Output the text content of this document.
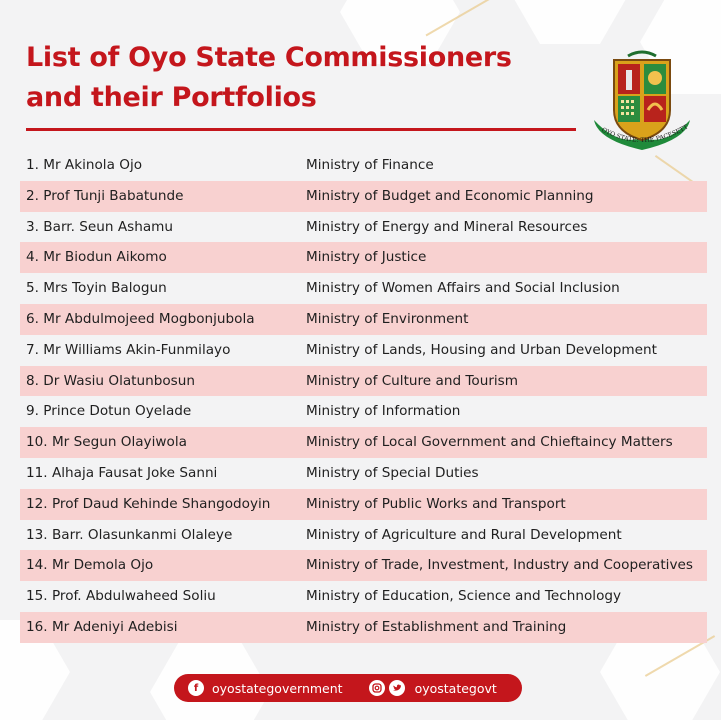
List of Oyo State Commissioners
and their Portfolios
OYO STATE: THE PACESETT
1. Mr Akinola Ojo	Ministry of Finance
2. Prof Tunji Babatunde	Ministry of Budget and Economic Planning
3. Barr. Seun Ashamu	Ministry of Energy and Mineral Resources
4. Mr Biodun Aikomo	Ministry of Justice
5. Mrs Toyin Balogun	Ministry of Women Affairs and Social Inclusion
6. Mr Abdulmojeed Mogbonjubola	Ministry of Environment
7. Mr Williams Akin-Funmilayo	Ministry of Lands, Housing and Urban Development
8. Dr Wasiu Olatunbosun	Ministry of Culture and Tourism
9. Prince Dotun Oyelade	Ministry of Information
10. Mr Segun Olayiwola	Ministry of Local Government and Chieftaincy Matters
11. Alhaja Fausat Joke Sanni	Ministry of Special Duties
12. Prof Daud Kehinde Shangodoyin	Ministry of Public Works and Transport
13. Barr. Olasunkanmi Olaleye	Ministry of Agriculture and Rural Development
14. Mr Demola Ojo	Ministry of Trade, Investment, Industry and Cooperatives
15. Prof. Abdulwaheed Soliu	Ministry of Education, Science and Technology
16. Mr Adeniyi Adebisi	Ministry of Establishment and Training
f	oyostategovernment	oyostategovt
